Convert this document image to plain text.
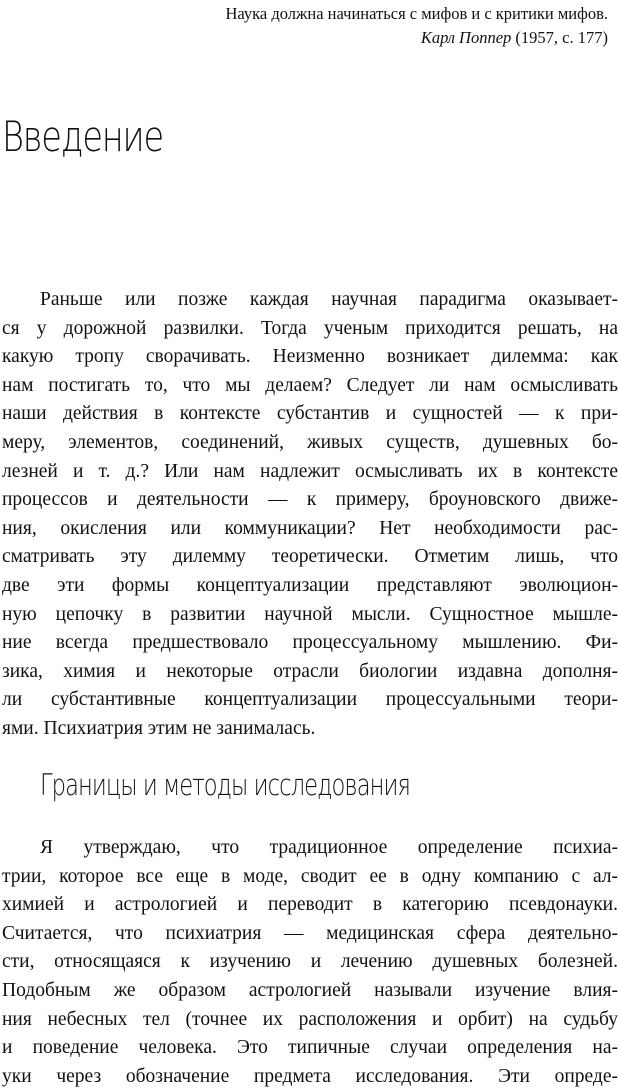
Наука должна начинаться с мифов и с критики мифов.
Карл Поппер (1957, с. 177)
Введение
Раньше или позже каждая научная парадигма оказывает-
ся у дорожной развилки. Тогда ученым приходится решать, на
какую тропу сворачивать. Неизменно возникает дилемма: как
нам постигать то, что мы делаем? Следует ли нам осмысливать
наши действия в контексте субстантив и сущностей — к при-
меру, элементов, соединений, живых существ, душевных бо-
лезней и т. д.? Или нам надлежит осмысливать их в контексте
процессов и деятельности — к примеру, броуновского движе-
ния, окисления или коммуникации? Нет необходимости рас-
сматривать эту дилемму теоретически. Отметим лишь, что
две эти формы концептуализации представляют эволюцион-
ную цепочку в развитии научной мысли. Сущностное мышле-
ние всегда предшествовало процессуальному мышлению. Фи-
зика, химия и некоторые отрасли биологии издавна дополня-
ли субстантивные концептуализации процессуальными теори-
ями. Психиатрия этим не занималась.
Границы и методы исследования
Я утверждаю, что традиционное определение психиа-
трии, которое все еще в моде, сводит ее в одну компанию с ал-
химией и астрологией и переводит в категорию псевдонауки.
Считается, что психиатрия — медицинская сфера деятельно-
сти, относящаяся к изучению и лечению душевных болезней.
Подобным же образом астрологией называли изучение влия-
ния небесных тел (точнее их расположения и орбит) на судьбу
и поведение человека. Это типичные случаи определения на-
уки через обозначение предмета исследования. Эти опреде-
